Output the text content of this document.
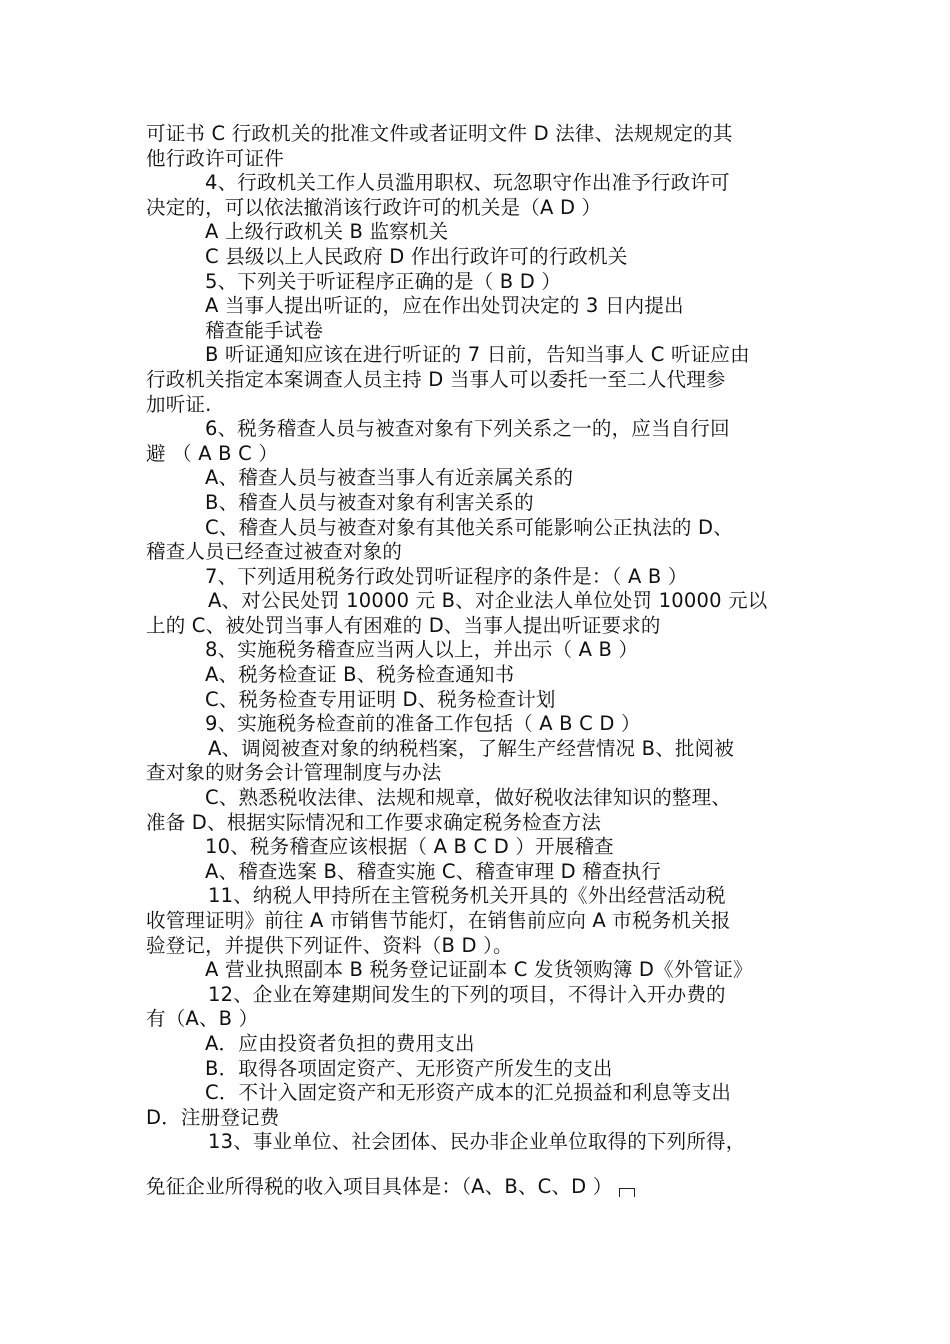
可证书 C 行政机关的批准文件或者证明文件 D 法律、法规规定的其
他行政许可证件
4、行政机关工作人员滥用职权、玩忽职守作出准予行政许可
决定的，可以依法撤消该行政许可的机关是（A D ）
A 上级行政机关 B 监察机关
C 县级以上人民政府 D 作出行政许可的行政机关
5、下列关于听证程序正确的是（ B D ）
A 当事人提出听证的，应在作出处罚决定的 3 日内提出
稽查能手试卷
B 听证通知应该在进行听证的 7 日前，告知当事人 C 听证应由
行政机关指定本案调查人员主持 D 当事人可以委托一至二人代理参
加听证.
6、税务稽查人员与被查对象有下列关系之一的，应当自行回
避 （ A B C ）
A、稽查人员与被查当事人有近亲属关系的
B、稽查人员与被查对象有利害关系的
C、稽查人员与被查对象有其他关系可能影响公正执法的 D、
稽查人员已经查过被查对象的
7、下列适用税务行政处罚听证程序的条件是：（ A B ）
A、对公民处罚 10000 元 B、对企业法人单位处罚 10000 元以
上的 C、被处罚当事人有困难的 D、当事人提出听证要求的
8、实施税务稽查应当两人以上，并出示（ A B ）
A、税务检查证 B、税务检查通知书
C、税务检查专用证明 D、税务检查计划
9、实施税务检查前的准备工作包括（ A B C D ）
A、调阅被查对象的纳税档案，了解生产经营情况 B、批阅被
查对象的财务会计管理制度与办法
C、熟悉税收法律、法规和规章，做好税收法律知识的整理、
准备 D、根据实际情况和工作要求确定税务检查方法
10、税务稽查应该根据（ A B C D ）开展稽查
A、稽查选案 B、稽查实施 C、稽查审理 D 稽查执行
11、纳税人甲持所在主管税务机关开具的《外出经营活动税
收管理证明》前往 A 市销售节能灯，在销售前应向 A 市税务机关报
验登记，并提供下列证件、资料（B D ）。
A 营业执照副本 B 税务登记证副本 C 发货领购簿 D《外管证》
12、企业在筹建期间发生的下列的项目，不得计入开办费的
有（A、B ）
A．应由投资者负担的费用支出
B．取得各项固定资产、无形资产所发生的支出
C．不计入固定资产和无形资产成本的汇兑损益和利息等支出
D．注册登记费
13、事业单位、社会团体、民办非企业单位取得的下列所得，
免征企业所得税的收入项目具体是：（A、B、C、D ）
